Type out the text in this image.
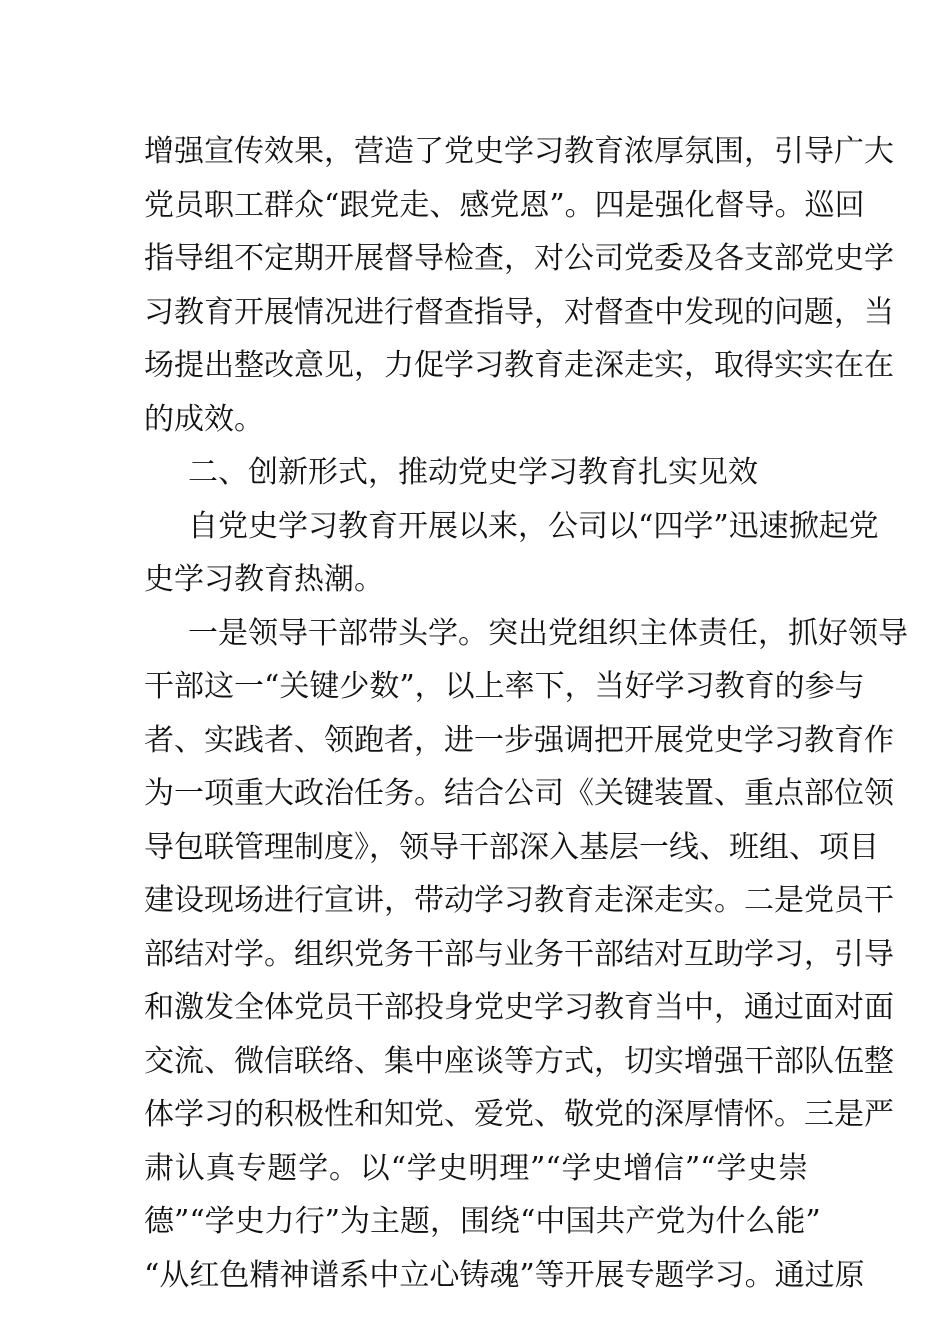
增强宣传效果，营造了党史学习教育浓厚氛围，引导广大
党员职工群众“跟党走、感党恩”。四是强化督导。巡回
指导组不定期开展督导检查，对公司党委及各支部党史学
习教育开展情况进行督查指导，对督查中发现的问题，当
场提出整改意见，力促学习教育走深走实，取得实实在在
的成效。
二、创新形式，推动党史学习教育扎实见效
自党史学习教育开展以来，公司以“四学”迅速掀起党
史学习教育热潮。
一是领导干部带头学。突出党组织主体责任，抓好领导
干部这一“关键少数”，以上率下，当好学习教育的参与
者、实践者、领跑者，进一步强调把开展党史学习教育作
为一项重大政治任务。结合公司《关键装置、重点部位领
导包联管理制度》，领导干部深入基层一线、班组、项目
建设现场进行宣讲，带动学习教育走深走实。二是党员干
部结对学。组织党务干部与业务干部结对互助学习，引导
和激发全体党员干部投身党史学习教育当中，通过面对面
交流、微信联络、集中座谈等方式，切实增强干部队伍整
体学习的积极性和知党、爱党、敬党的深厚情怀。三是严
肃认真专题学。以“学史明理”“学史增信”“学史崇
德”“学史力行”为主题，围绕“中国共产党为什么能”
“从红色精神谱系中立心铸魂”等开展专题学习。通过原
